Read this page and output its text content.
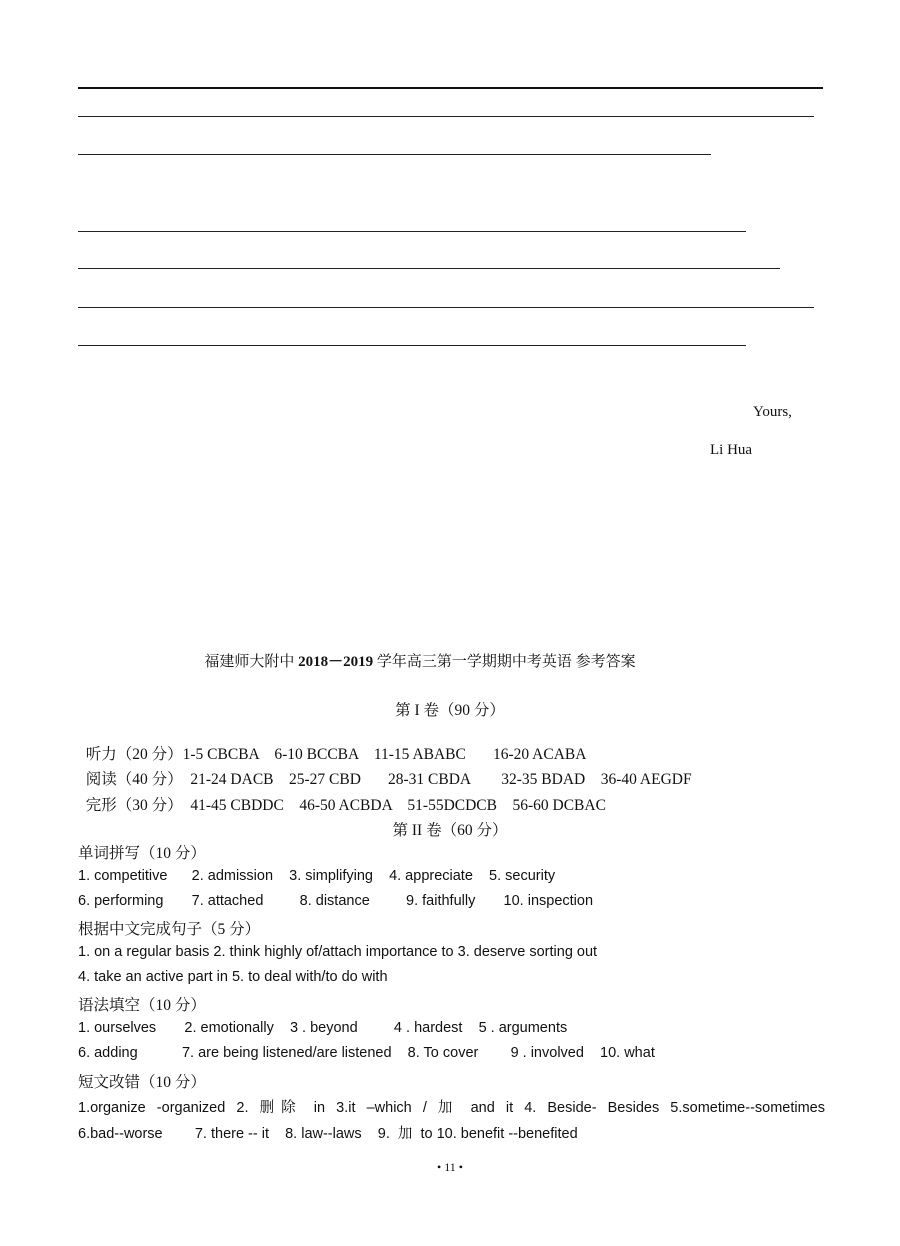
Yours,
Li Hua
福建师大附中 2018－2019 学年高三第一学期期中考英语 参考答案
第 I 卷（90 分）

听力（20 分）1-5 CBCBA    6-10 BCCBA    11-15 ABABC       16-20 ACABA

阅读（40 分）  21-24 DACB    25-27 CBD       28-31 CBDA        32-35 BDAD    36-40 AEGDF

完形（30 分）  41-45 CBDDC    46-50 ACBDA    51-55DCDCB    56-60 DCBAC

第 II 卷（60 分）
单词拼写（10 分）
1. competitive      2. admission    3. simplifying    4. appreciate    5. security
6. performing       7. attached         8. distance         9. faithfully       10. inspection
根据中文完成句子（5 分）
1. on a regular basis 2. think highly of/attach importance to 3. deserve sorting out
4. take an active part in 5. to deal with/to do with
语法填空（10 分）
1. ourselves       2. emotionally    3 . beyond         4 . hardest    5 . arguments
6. adding           7. are being listened/are listened    8. To cover        9 . involved    10. what
短文改错（10 分）
1.organize -organized 2. 删除 in 3.it –which / 加 and it 4. Beside- Besides 5.sometime--sometimes
6.bad--worse        7. there -- it    8. law--laws    9.  加  to 10. benefit --benefited
• 11 •
